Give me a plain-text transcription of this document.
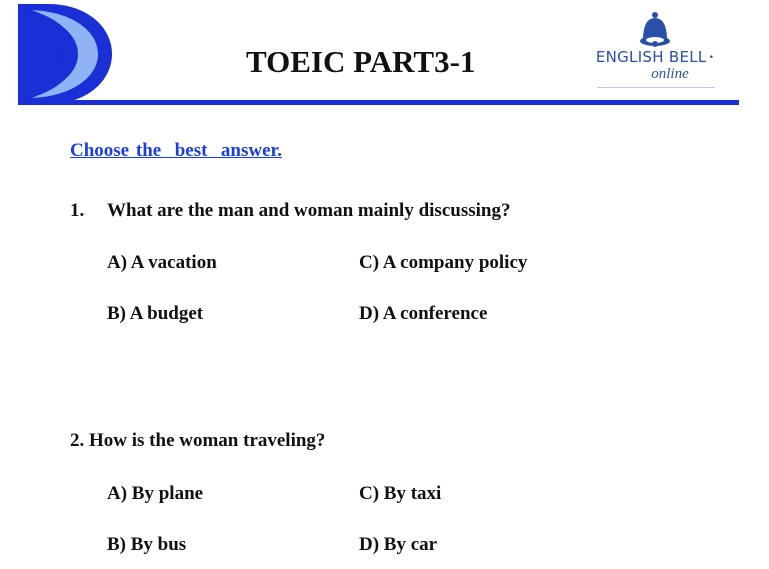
TOEIC PART3-1	ENGLISH BELL •
online
Choose the  best  answer.
1. What are the man and woman mainly discussing?
A) A vacation	C) A company policy
B) A budget	D) A conference
2. How is the woman traveling?
A) By plane	C) By taxi
B) By bus	D) By car
